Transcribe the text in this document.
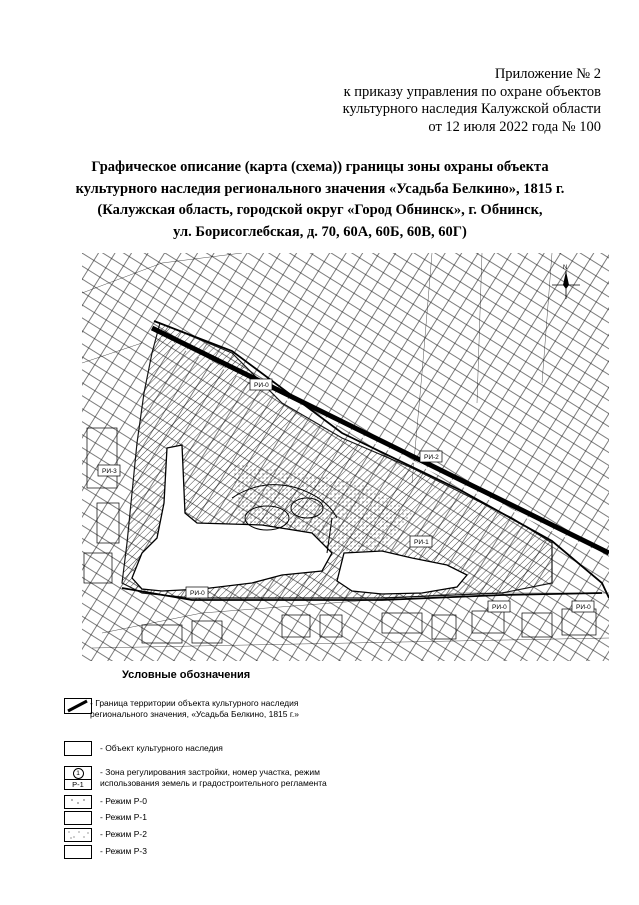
Приложение № 2
к приказу управления по охране объектов
культурного наследия Калужской области
от 12 июля 2022 года № 100
Графическое описание (карта (схема)) границы зоны охраны объекта
культурного наследия регионального значения «Усадьба Белкино», 1815 г.
(Калужская область, городской округ «Город Обнинск», г. Обнинск,
ул. Борисоглебская, д. 70, 60А, 60Б, 60В, 60Г)
РИ-0
РИ-3
РИ-2
РИ-1
РИ-0
РИ-0	РИ-0
N
Условные обозначения
- Граница территории объекта культурного наследия
регионального значения, «Усадьба Белкино, 1815 г.»
- Объект культурного наследия
1
Р-1
- Зона регулирования застройки, номер участка, режим
использования земель и градостроительного регламента
- Режим Р-0
- Режим Р-1
- Режим Р-2
- Режим Р-3
